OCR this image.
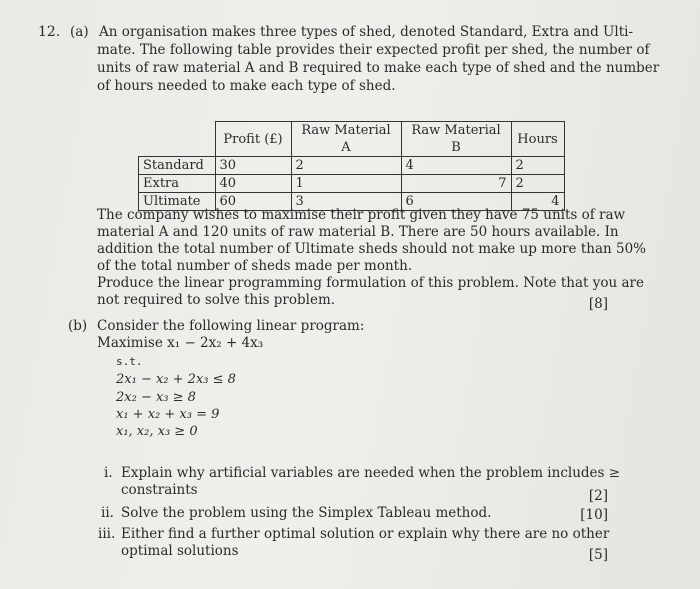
12. (a) An organisation makes three types of shed, denoted Standard, Extra and Ulti-
mate. The following table provides their expected profit per shed, the number of
units of raw material A and B required to make each type of shed and the number
of hours needed to make each type of shed.
	Profit (£)	Raw Material A	Raw Material B	Hours
Standard	30	2	4	2
Extra	40	1	7	2
Ultimate	60	3	6	4
The company wishes to maximise their profit given they have 75 units of raw
material A and 120 units of raw material B. There are 50 hours available. In
addition the total number of Ultimate sheds should not make up more than 50%
of the total number of sheds made per month.
Produce the linear programming formulation of this problem. Note that you are
not required to solve this problem.	[8]
(b) Consider the following linear program:
Maximise x₁ − 2x₂ + 4x₃
s.t.
2x₁ − x₂ + 2x₃ ≤ 8
2x₂ − x₃ ≥ 8
x₁ + x₂ + x₃ = 9
x₁, x₂, x₃ ≥ 0
i. Explain why artificial variables are needed when the problem includes ≥
constraints	[2]
ii. Solve the problem using the Simplex Tableau method.	[10]
iii. Either find a further optimal solution or explain why there are no other
optimal solutions	[5]
